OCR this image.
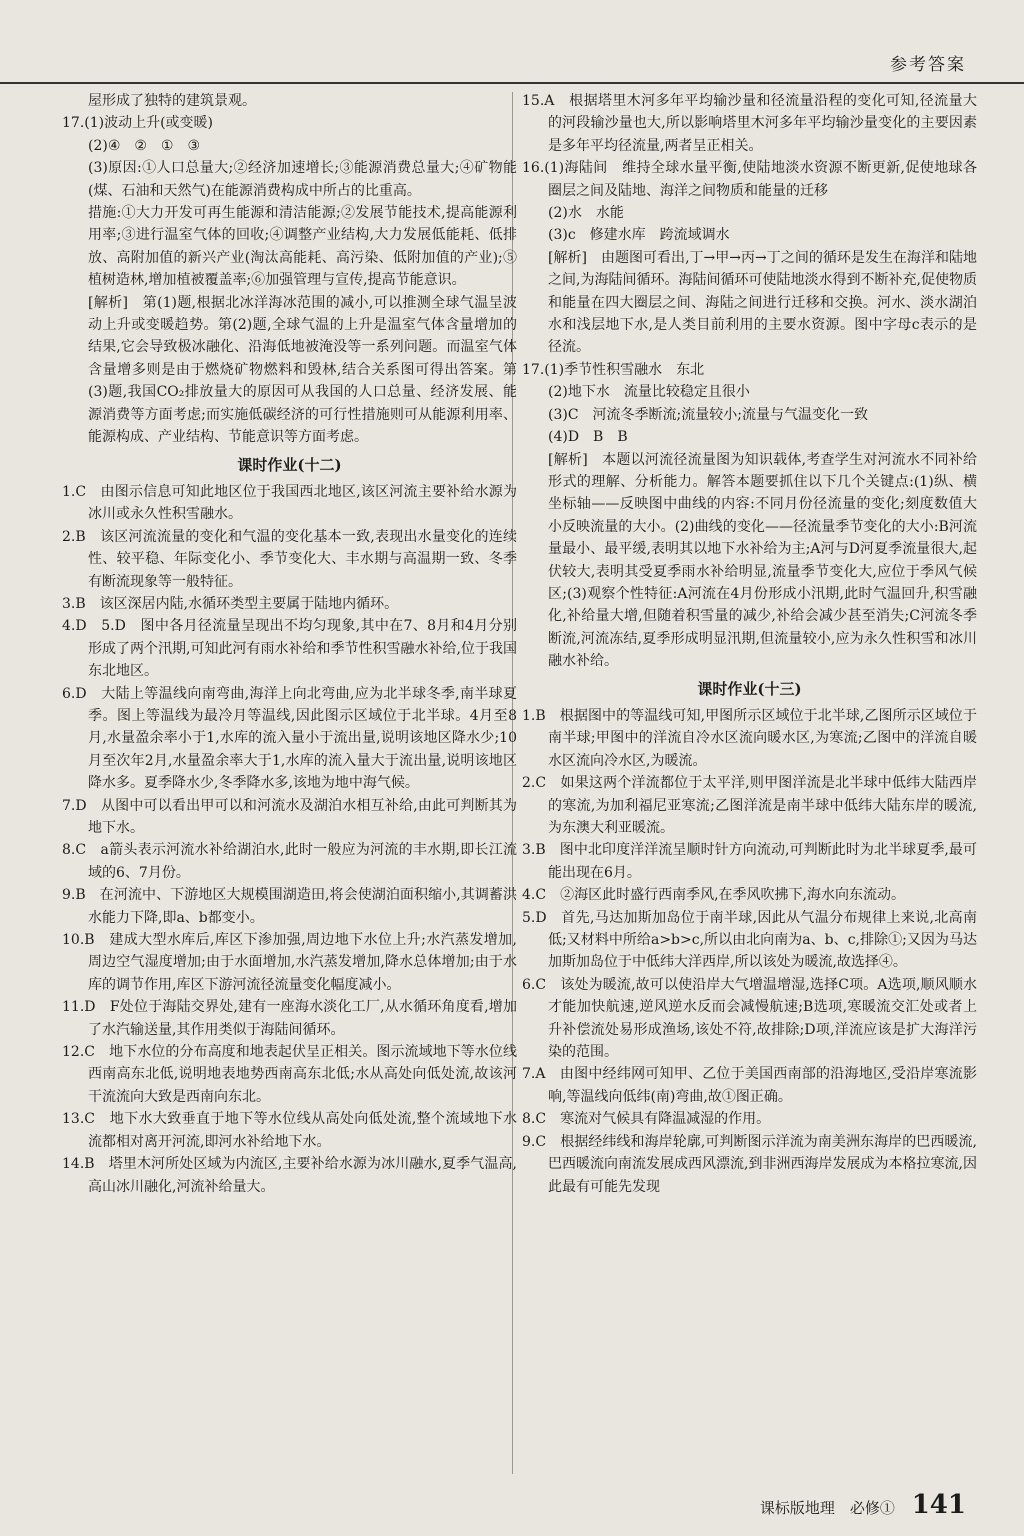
参考答案
屋形成了独特的建筑景观。
17.(1)波动上升(或变暖)
(2)④　②　①　③
(3)原因:①人口总量大;②经济加速增长;③能源消费总量大;④矿物能(煤、石油和天然气)在能源消费构成中所占的比重高。
措施:①大力开发可再生能源和清洁能源;②发展节能技术,提高能源利用率;③进行温室气体的回收;④调整产业结构,大力发展低能耗、低排放、高附加值的新兴产业(淘汰高能耗、高污染、低附加值的产业);⑤植树造林,增加植被覆盖率;⑥加强管理与宣传,提高节能意识。
[解析]　第(1)题,根据北冰洋海冰范围的减小,可以推测全球气温呈波动上升或变暖趋势。第(2)题,全球气温的上升是温室气体含量增加的结果,它会导致极冰融化、沿海低地被淹没等一系列问题。而温室气体含量增多则是由于燃烧矿物燃料和毁林,结合关系图可得出答案。第(3)题,我国CO₂排放量大的原因可从我国的人口总量、经济发展、能源消费等方面考虑;而实施低碳经济的可行性措施则可从能源利用率、能源构成、产业结构、节能意识等方面考虑。
课时作业(十二)
1.C　由图示信息可知此地区位于我国西北地区,该区河流主要补给水源为冰川或永久性积雪融水。
2.B　该区河流流量的变化和气温的变化基本一致,表现出水量变化的连续性、较平稳、年际变化小、季节变化大、丰水期与高温期一致、冬季有断流现象等一般特征。
3.B　该区深居内陆,水循环类型主要属于陆地内循环。
4.D　5.D　图中各月径流量呈现出不均匀现象,其中在7、8月和4月分别形成了两个汛期,可知此河有雨水补给和季节性积雪融水补给,位于我国东北地区。
6.D　大陆上等温线向南弯曲,海洋上向北弯曲,应为北半球冬季,南半球夏季。图上等温线为最冷月等温线,因此图示区域位于北半球。4月至8月,水量盈余率小于1,水库的流入量小于流出量,说明该地区降水少;10月至次年2月,水量盈余率大于1,水库的流入量大于流出量,说明该地区降水多。夏季降水少,冬季降水多,该地为地中海气候。
7.D　从图中可以看出甲可以和河流水及湖泊水相互补给,由此可判断其为地下水。
8.C　a箭头表示河流水补给湖泊水,此时一般应为河流的丰水期,即长江流域的6、7月份。
9.B　在河流中、下游地区大规模围湖造田,将会使湖泊面积缩小,其调蓄洪水能力下降,即a、b都变小。
10.B　建成大型水库后,库区下渗加强,周边地下水位上升;水汽蒸发增加,周边空气湿度增加;由于水面增加,水汽蒸发增加,降水总体增加;由于水库的调节作用,库区下游河流径流量变化幅度减小。
11.D　F处位于海陆交界处,建有一座海水淡化工厂,从水循环角度看,增加了水汽输送量,其作用类似于海陆间循环。
12.C　地下水位的分布高度和地表起伏呈正相关。图示流域地下等水位线西南高东北低,说明地表地势西南高东北低;水从高处向低处流,故该河干流流向大致是西南向东北。
13.C　地下水大致垂直于地下等水位线从高处向低处流,整个流域地下水流都相对离开河流,即河水补给地下水。
14.B　塔里木河所处区域为内流区,主要补给水源为冰川融水,夏季气温高,高山冰川融化,河流补给量大。
15.A　根据塔里木河多年平均输沙量和径流量沿程的变化可知,径流量大的河段输沙量也大,所以影响塔里木河多年平均输沙量变化的主要因素是多年平均径流量,两者呈正相关。
16.(1)海陆间　维持全球水量平衡,使陆地淡水资源不断更新,促使地球各圈层之间及陆地、海洋之间物质和能量的迁移
(2)水　水能
(3)c　修建水库　跨流域调水
[解析]　由题图可看出,丁→甲→丙→丁之间的循环是发生在海洋和陆地之间,为海陆间循环。海陆间循环可使陆地淡水得到不断补充,促使物质和能量在四大圈层之间、海陆之间进行迁移和交换。河水、淡水湖泊水和浅层地下水,是人类目前利用的主要水资源。图中字母c表示的是径流。
17.(1)季节性积雪融水　东北
(2)地下水　流量比较稳定且很小
(3)C　河流冬季断流;流量较小;流量与气温变化一致
(4)D　B　B
[解析]　本题以河流径流量图为知识载体,考查学生对河流水不同补给形式的理解、分析能力。解答本题要抓住以下几个关键点:(1)纵、横坐标轴——反映图中曲线的内容:不同月份径流量的变化;刻度数值大小反映流量的大小。(2)曲线的变化——径流量季节变化的大小:B河流量最小、最平缓,表明其以地下水补给为主;A河与D河夏季流量很大,起伏较大,表明其受夏季雨水补给明显,流量季节变化大,应位于季风气候区;(3)观察个性特征:A河流在4月份形成小汛期,此时气温回升,积雪融化,补给量大增,但随着积雪量的减少,补给会减少甚至消失;C河流冬季断流,河流冻结,夏季形成明显汛期,但流量较小,应为永久性积雪和冰川融水补给。
课时作业(十三)
1.B　根据图中的等温线可知,甲图所示区域位于北半球,乙图所示区域位于南半球;甲图中的洋流自冷水区流向暖水区,为寒流;乙图中的洋流自暖水区流向冷水区,为暖流。
2.C　如果这两个洋流都位于太平洋,则甲图洋流是北半球中低纬大陆西岸的寒流,为加利福尼亚寒流;乙图洋流是南半球中低纬大陆东岸的暖流,为东澳大利亚暖流。
3.B　图中北印度洋洋流呈顺时针方向流动,可判断此时为北半球夏季,最可能出现在6月。
4.C　②海区此时盛行西南季风,在季风吹拂下,海水向东流动。
5.D　首先,马达加斯加岛位于南半球,因此从气温分布规律上来说,北高南低;又材料中所给a>b>c,所以由北向南为a、b、c,排除①;又因为马达加斯加岛位于中低纬大洋西岸,所以该处为暖流,故选择④。
6.C　该处为暖流,故可以使沿岸大气增温增湿,选择C项。A选项,顺风顺水才能加快航速,逆风逆水反而会减慢航速;B选项,寒暖流交汇处或者上升补偿流处易形成渔场,该处不符,故排除;D项,洋流应该是扩大海洋污染的范围。
7.A　由图中经纬网可知甲、乙位于美国西南部的沿海地区,受沿岸寒流影响,等温线向低纬(南)弯曲,故①图正确。
8.C　寒流对气候具有降温减湿的作用。
9.C　根据经纬线和海岸轮廓,可判断图示洋流为南美洲东海岸的巴西暖流,巴西暖流向南流发展成西风漂流,到非洲西海岸发展成为本格拉寒流,因此最有可能先发现
课标版地理　必修① 141
